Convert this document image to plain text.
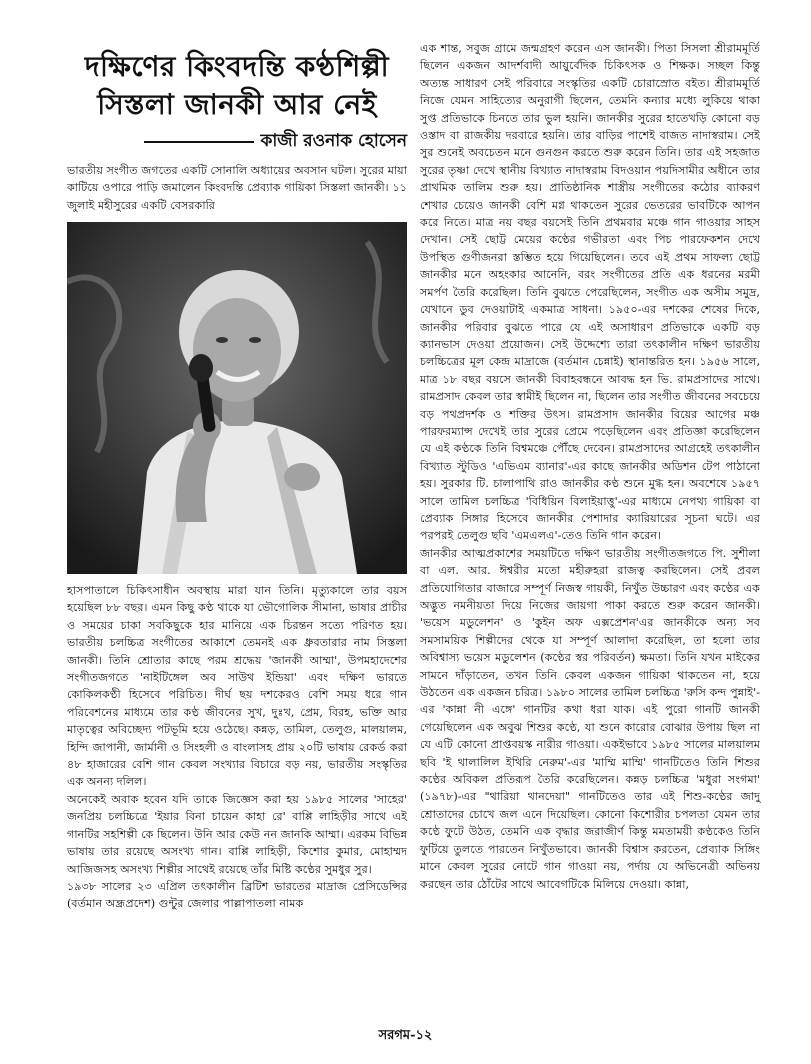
দক্ষিণের কিংবদন্তি কণ্ঠশিল্পী
সিস্তলা জানকী আর নেই
কাজী রওনাক হোসেন

ভারতীয় সংগীত জগতের একটি সোনালি অধ্যায়ের অবসান ঘটল। সুরের মায়া কাটিয়ে ওপারে পাড়ি জমালেন কিংবদন্তি প্রেব্যাক গায়িকা সিস্তলা জানকী। ১১ জুলাই মহীসুরের একটি বেসরকারি

হাসপাতালে চিকিৎসাধীন অবস্থায় মারা যান তিনি। মৃত্যুকালে তার বয়স হয়েছিল ৮৮ বছর। এমন কিছু কণ্ঠ থাকে যা ভৌগোলিক সীমানা, ভাষার প্রাচীর ও সময়ের চাকা সবকিছুকে হার মানিয়ে এক চিরন্তন সত্যে পরিণত হয়। ভারতীয় চলচ্চিত্র সংগীতের আকাশে তেমনই এক ধ্রুবতারার নাম সিস্তলা জানকী। তিনি শ্রোতার কাছে পরম শ্রদ্ধেয় 'জানকী আম্মা', উপমহাদেশের সংগীতজগতে 'নাইটিঙ্গেল অব সাউথ ইন্ডিয়া' এবং দক্ষিণ ভারতে কোকিলকণ্ঠী হিসেবে পরিচিত। দীর্ঘ ছয় দশকেরও বেশি সময় ধরে গান পরিবেশনের মাধ্যমে তার কণ্ঠ জীবনের সুখ, দুঃখ, প্রেম, বিরহ, ভক্তি আর মাতৃত্বের অবিচ্ছেদ্য পটভূমি হয়ে ওঠেছে। কন্নড়, তামিল, তেলুগু, মালয়ালম, হিন্দি জাপানী, জার্মানী ও সিংহলী ও বাংলাসহ প্রায় ২০টি ভাষায় রেকর্ড করা ৪৮ হাজারের বেশি গান কেবল সংখ্যার বিচারে বড় নয়, ভারতীয় সংস্কৃতির এক অনন্য দলিল।

অনেকেই অবাক হবেন যদি তাকে জিজ্ঞেস করা হয় ১৯৮৫ সালের 'সাহের' জনপ্রিয় চলচ্চিত্রে 'ইয়ার বিনা চায়েন কাহা রে' বাপ্পি লাহিড়ীর সাথে এই গানটির সহশিল্পী কে ছিলেন। উনি আর কেউ নন জানকি আম্মা। এরকম বিভিন্ন ভাষায় তার রয়েছে অসংখ্য গান। বাপ্পি লাহিড়ী, কিশোর কুমার, মোহাম্মদ আজিজসহ অসংখ্য শিল্পীর সাথেই রয়েছে তাঁর মিষ্টি কণ্ঠের সুমধুর সুর।

১৯৩৮ সালের ২৩ এপ্রিল তৎকালীন ব্রিটিশ ভারতের মাদ্রাজ প্রেসিডেন্সির (বর্তমান অন্ধ্রপ্রদেশ) গুন্টুর জেলার পাল্লাপাতলা নামক

এক শান্ত, সবুজ গ্রামে জন্মগ্রহণ করেন এস জানকী। পিতা সিসলা শ্রীরামমূর্তি ছিলেন একজন আদর্শবাদী আয়ুর্বেদিক চিকিৎসক ও শিক্ষক। সচ্ছল কিন্তু অত্যন্ত সাধারণ সেই পরিবারে সংস্কৃতির একটি চোরাস্রোত বইত। শ্রীরামমূর্তি নিজে যেমন সাহিত্যের অনুরাগী ছিলেন, তেমনি কন্যার মধ্যে লুকিয়ে থাকা সুপ্ত প্রতিভাকে চিনতে তার ভুল হয়নি। জানকীর সুরের হাতেখড়ি কোনো বড় ওস্তাদ বা রাজকীয় দরবারে হয়নি। তার বাড়ির পাশেই বাজত নাদাস্বরাম। সেই সুর শুনেই অবচেতন মনে গুনগুন করতে শুরু করেন তিনি। তার এই সহজাত সুরের তৃষ্ণা দেখে স্থানীয় বিখ্যাত নাদাস্বরাম বিদওয়ান পয়দিসামীর অধীনে তার প্রাথমিক তালিম শুরু হয়। প্রাতিষ্ঠানিক শাস্ত্রীয় সংগীতের কঠোর ব্যাকরণ শেখার চেয়েও জানকী বেশি মগ্ন থাকতেন সুরের ভেতরের ভাবটিকে আপন করে নিতে। মাত্র নয় বছর বয়সেই তিনি প্রথমবার মঞ্চে গান গাওয়ার সাহস দেখান। সেই ছোট্ট মেয়ের কণ্ঠের গভীরতা এবং পিচ পারফেকশন দেখে উপস্থিত গুণীজনরা স্তম্ভিত হয়ে গিয়েছিলেন। তবে এই প্রথম সাফল্য ছোট্ট জানকীর মনে অহংকার আনেনি, বরং সংগীতের প্রতি এক ধরনের মরমী সমর্পণ তৈরি করেছিল। তিনি বুঝতে পেরেছিলেন, সংগীত এক অসীম সমুদ্র, যেখানে ডুব দেওয়াটাই একমাত্র সাধনা। ১৯৫০-এর দশকের শেষের দিকে, জানকীর পরিবার বুঝতে পারে যে এই অসাধারণ প্রতিভাকে একটি বড় ক্যানভাস দেওয়া প্রয়োজন। সেই উদ্দেশ্যে তারা তৎকালীন দক্ষিণ ভারতীয় চলচ্চিত্রের মূল কেন্দ্র মাদ্রাজে (বর্তমান চেন্নাই) স্থানান্তরিত হন। ১৯৫৬ সালে, মাত্র ১৮ বছর বয়সে জানকী বিবাহবন্ধনে আবদ্ধ হন ভি. রামপ্রসাদের সাথে। রামপ্রসাদ কেবল তার স্বামীই ছিলেন না, ছিলেন তার সংগীত জীবনের সবচেয়ে বড় পথপ্রদর্শক ও শক্তির উৎস। রামপ্রসাদ জানকীর বিয়ের আগের মঞ্চ পারফরম্যান্স দেখেই তার সুরের প্রেমে পড়েছিলেন এবং প্রতিজ্ঞা করেছিলেন যে এই কণ্ঠকে তিনি বিশ্বমঞ্চে পৌঁছে দেবেন। রামপ্রসাদের আগ্রহেই তৎকালীন বিখ্যাত স্টুডিও 'এভিএম ব্যানার'-এর কাছে জানকীর অডিশন টেপ পাঠানো হয়। সুরকার টি. চালাপাথি রাও জানকীর কণ্ঠ শুনে মুগ্ধ হন। অবশেষে ১৯৫৭ সালে তামিল চলচ্চিত্র 'বিধিয়িন বিলাইয়াত্তু'-এর মাধ্যমে নেপথ্য গায়িকা বা প্রেব্যাক সিঙ্গার হিসেবে জানকীর পেশাদার ক্যারিয়ারের সূচনা ঘটে। এর পরপরই তেলুগু ছবি 'এমএলএ'-তেও তিনি গান করেন।

জানকীর আত্মপ্রকাশের সময়টিতে দক্ষিণ ভারতীয় সংগীতজগতে পি. সুশীলা বা এল. আর. ঈশ্বরীর মতো মহীরুহরা রাজত্ব করছিলেন। সেই প্রবল প্রতিযোগিতার বাজারে সম্পূর্ণ নিজস্ব গায়কী, নিখুঁত উচ্চারণ এবং কণ্ঠের এক অদ্ভুত নমনীয়তা দিয়ে নিজের জায়গা পাকা করতে শুরু করেন জানকী। 'ভয়েস মডুলেশন' ও 'কুইন অফ এক্সপ্রেশন'এর জানকীকে অন্য সব সমসাময়িক শিল্পীদের থেকে যা সম্পূর্ণ আলাদা করেছিল, তা হলো তার অবিশ্বাস্য ভয়েস মডুলেশন (কণ্ঠের স্বর পরিবর্তন) ক্ষমতা। তিনি যখন মাইকের সামনে দাঁড়াতেন, তখন তিনি কেবল একজন গায়িকা থাকতেন না, হয়ে উঠতেন এক একজন চরিত্র। ১৯৮০ সালের তামিল চলচ্চিত্র 'রুসি কন্দ পুন্নাই'-এর 'কান্না নী এঙ্গে' গানটির কথা ধরা যাক। এই পুরো গানটি জানকী গেয়েছিলেন এক অবুঝ শিশুর কণ্ঠে, যা শুনে কারোর বোঝার উপায় ছিল না যে এটি কোনো প্রাপ্তবয়স্ক নারীর গাওয়া। একইভাবে ১৯৮৫ সালের মালয়ালম ছবি 'ই থালালিল ইথিরি নেরুম'-এর 'মাম্মি মাম্মি' গানটিতেও তিনি শিশুর কণ্ঠের অবিকল প্রতিরূপ তৈরি করেছিলেন। কন্নড় চলচ্চিত্র 'মধুরা সংগমা' (১৯৭৮)-এর "থারিয়া থানদেয়া" গানটিতেও তার এই শিশু-কণ্ঠের জাদু শ্রোতাদের চোখে জল এনে দিয়েছিল। কোনো কিশোরীর চপলতা যেমন তার কণ্ঠে ফুটে উঠত, তেমনি এক বৃদ্ধার জরাজীর্ণ কিন্তু মমতাময়ী কণ্ঠকেও তিনি ফুটিয়ে তুলতে পারতেন নিখুঁতভাবে। জানকী বিশ্বাস করতেন, প্রেব্যাক সিঙ্গিং মানে কেবল সুরের নোটে গান গাওয়া নয়, পর্দায় যে অভিনেত্রী অভিনয় করছেন তার ঠোঁটের সাথে আবেগটিকে মিলিয়ে দেওয়া। কান্না,

সরগম-১২
